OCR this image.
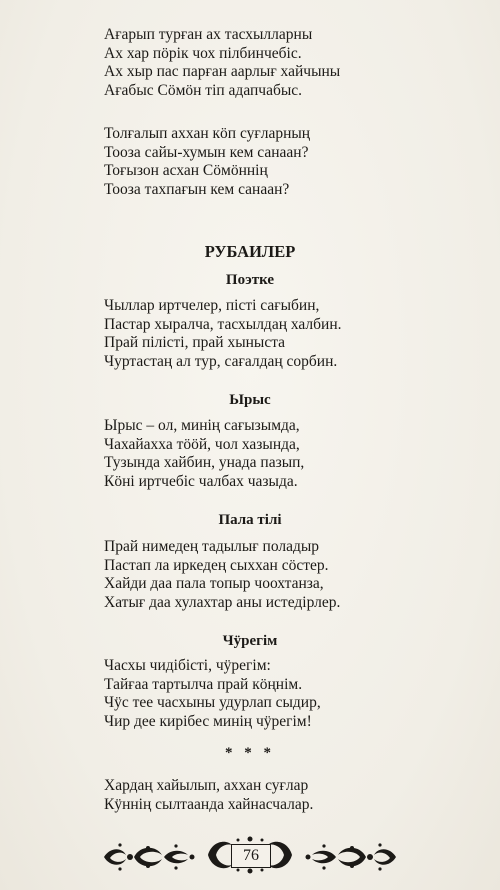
Ағарып турған ах тасхылларны
Ах хар пöрік чох пілбинчебіс.
Ах хыр пас парған аарлығ хайчыны
Ағабыс Сöмöн тіп адапчабыс.
Толғалып аххан кöп суғларның
Тооза сайы-хумын кем санаан?
Тоғызон асхан Сöмöннің
Тооза тахпағын кем санаан?
РУБАИЛЕР
Поэтке
Чыллар иртчелер, пісті сағыбин,
Пастар хыралча, тасхылдаң халбин.
Прай пілісті, прай хыныста
Чуртастаң ал тур, сағалдаң сорбин.
Ырыс
Ырыс – ол, минің сағызымда,
Чахайахха тööй, чол хазында,
Тузында хайбин, унада пазып,
Кöні иртчебіс чалбах чазыда.
Пала тілі
Прай нимедең тадылығ поладыр
Пастап ла иркедең сыххан сöстер.
Хайди даа пала топыр чоохтанза,
Хатығ даа хулахтар аны истедірлер.
Чӱрегім
Часхы чидібісті, чӱрегім:
Тайғаа тартылча прай кöңнім.
Чӱс тее часхыны удурлап сыдир,
Чир дее кирібес минің чӱрегім!
* * *
Хардаң хайылып, аххан суғлар
Кӱннің сылтаанда хайнасчалар.
76
